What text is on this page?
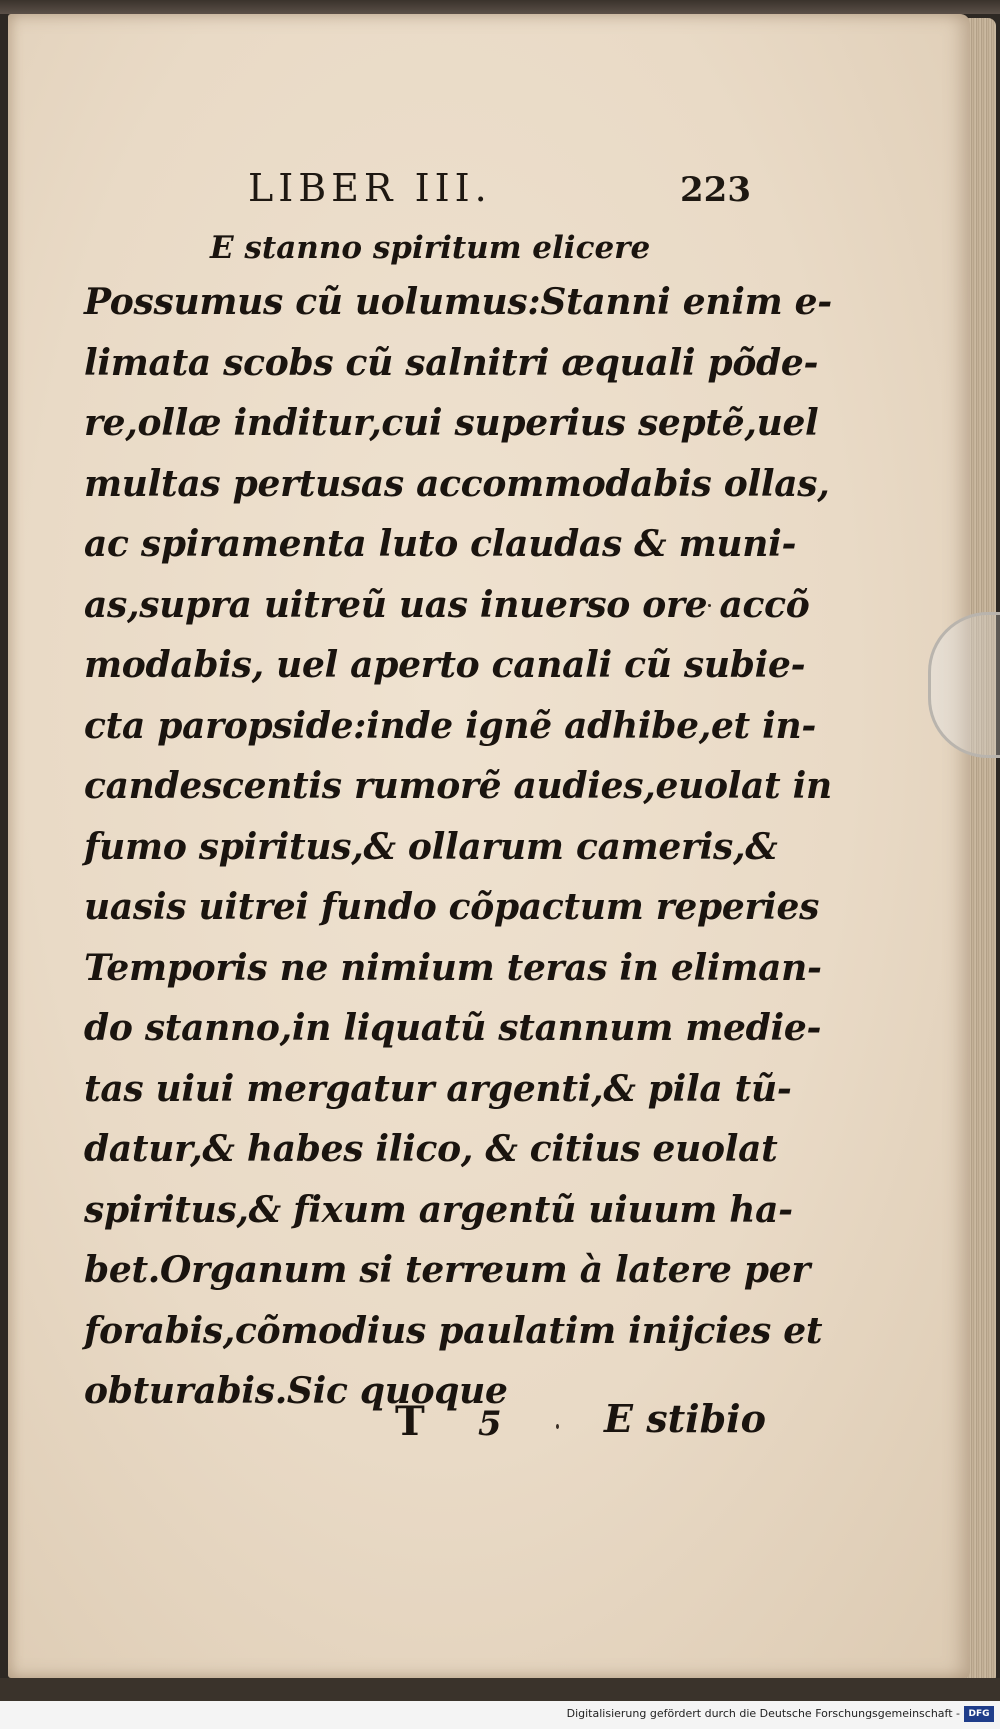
LIBER III.	223
E stanno spiritum elicere
Possumus cũ uolumus:Stanni enim e-
limata scobs cũ salnitri æquali põde-
re,ollæ inditur,cui superius septẽ,uel
multas pertusas accommodabis ollas,
ac spiramenta luto claudas & muni-
as,supra uitreũ uas inuerso ore accõ
modabis, uel aperto canali cũ subie-
cta paropside:inde ignẽ adhibe,et in-
candescentis rumorẽ audies,euolat in
fumo spiritus,& ollarum cameris,&
uasis uitrei fundo cõpactum reperies
Temporis ne nimium teras in eliman-
do stanno,in liquatũ stannum medie-
tas uiui mergatur argenti,& pila tũ-
datur,& habes ilico, & citius euolat
spiritus,& fixum argentũ uiuum ha-
bet.Organum si terreum à latere per
forabis,cõmodius paulatim inijcies et
obturabis.Sic quoque
T 5	E stibio
Digitalisierung gefördert durch die Deutsche Forschungsgemeinschaft - DFG
